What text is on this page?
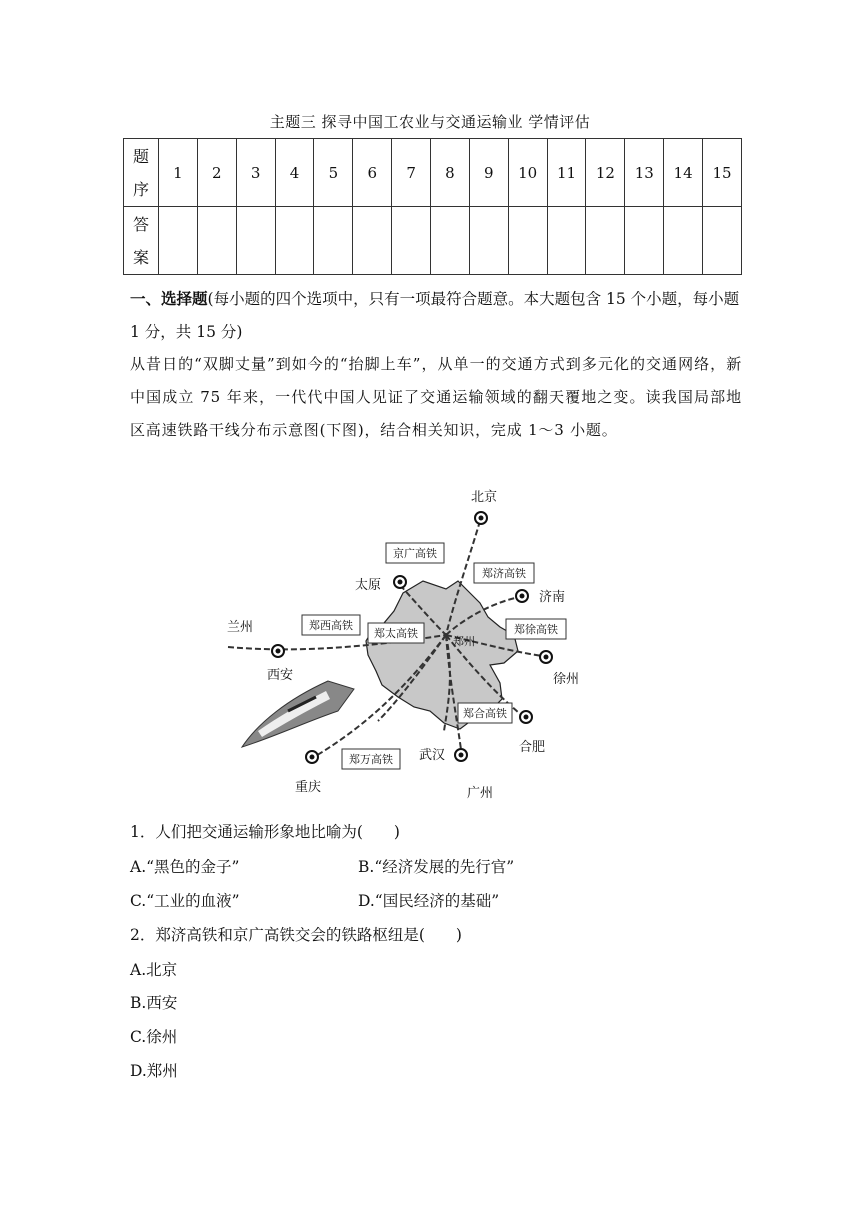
主题三 探寻中国工农业与交通运输业 学情评估
题序	1	2	3	4	5	6	7	8	9	10	11	12	13	14	15

答案															

一、选择题(每小题的四个选项中，只有一项最符合题意。本大题包含 15 个小题，每小题 1 分，共 15 分)
从昔日的“双脚丈量”到如今的“抬脚上车”，从单一的交通方式到多元化的交通网络，新中国成立 75 年来，一代代中国人见证了交通运输领域的翻天覆地之变。读我国局部地区高速铁路干线分布示意图(下图)，结合相关知识，完成 1～3 小题。
京广高铁
郑济高铁
郑西高铁
郑太高铁	郑徐高铁
郑合高铁
郑万高铁
北京
太原
济南
兰州
郑州
西安	徐州
合肥
武汉
重庆	广州
1．人们把交通运输形象地比喻为(　　)
A.“黑色的金子”	B.“经济发展的先行官”
C.“工业的血液”	D.“国民经济的基础”
2．郑济高铁和京广高铁交会的铁路枢纽是(　　)
A.北京
B.西安
C.徐州
D.郑州
